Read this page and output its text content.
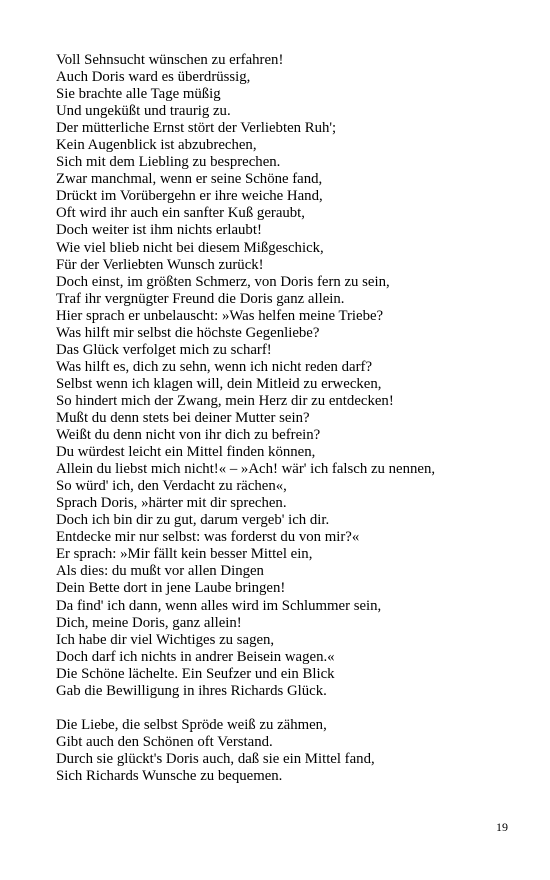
Voll Sehnsucht wünschen zu erfahren!
Auch Doris ward es überdrüssig,
Sie brachte alle Tage müßig
Und ungeküßt und traurig zu.
Der mütterliche Ernst stört der Verliebten Ruh';
Kein Augenblick ist abzubrechen,
Sich mit dem Liebling zu besprechen.
Zwar manchmal, wenn er seine Schöne fand,
Drückt im Vorübergehn er ihre weiche Hand,
Oft wird ihr auch ein sanfter Kuß geraubt,
Doch weiter ist ihm nichts erlaubt!
Wie viel blieb nicht bei diesem Mißgeschick,
Für der Verliebten Wunsch zurück!
Doch einst, im größten Schmerz, von Doris fern zu sein,
Traf ihr vergnügter Freund die Doris ganz allein.
Hier sprach er unbelauscht: »Was helfen meine Triebe?
Was hilft mir selbst die höchste Gegenliebe?
Das Glück verfolget mich zu scharf!
Was hilft es, dich zu sehn, wenn ich nicht reden darf?
Selbst wenn ich klagen will, dein Mitleid zu erwecken,
So hindert mich der Zwang, mein Herz dir zu entdecken!
Mußt du denn stets bei deiner Mutter sein?
Weißt du denn nicht von ihr dich zu befrein?
Du würdest leicht ein Mittel finden können,
Allein du liebst mich nicht!« – »Ach! wär' ich falsch zu nennen,
So würd' ich, den Verdacht zu rächen«,
Sprach Doris, »härter mit dir sprechen.
Doch ich bin dir zu gut, darum vergeb' ich dir.
Entdecke mir nur selbst: was forderst du von mir?«
Er sprach: »Mir fällt kein besser Mittel ein,
Als dies: du mußt vor allen Dingen
Dein Bette dort in jene Laube bringen!
Da find' ich dann, wenn alles wird im Schlummer sein,
Dich, meine Doris, ganz allein!
Ich habe dir viel Wichtiges zu sagen,
Doch darf ich nichts in andrer Beisein wagen.«
Die Schöne lächelte. Ein Seufzer und ein Blick
Gab die Bewilligung in ihres Richards Glück.
Die Liebe, die selbst Spröde weiß zu zähmen,
Gibt auch den Schönen oft Verstand.
Durch sie glückt's Doris auch, daß sie ein Mittel fand,
Sich Richards Wunsche zu bequemen.
19
